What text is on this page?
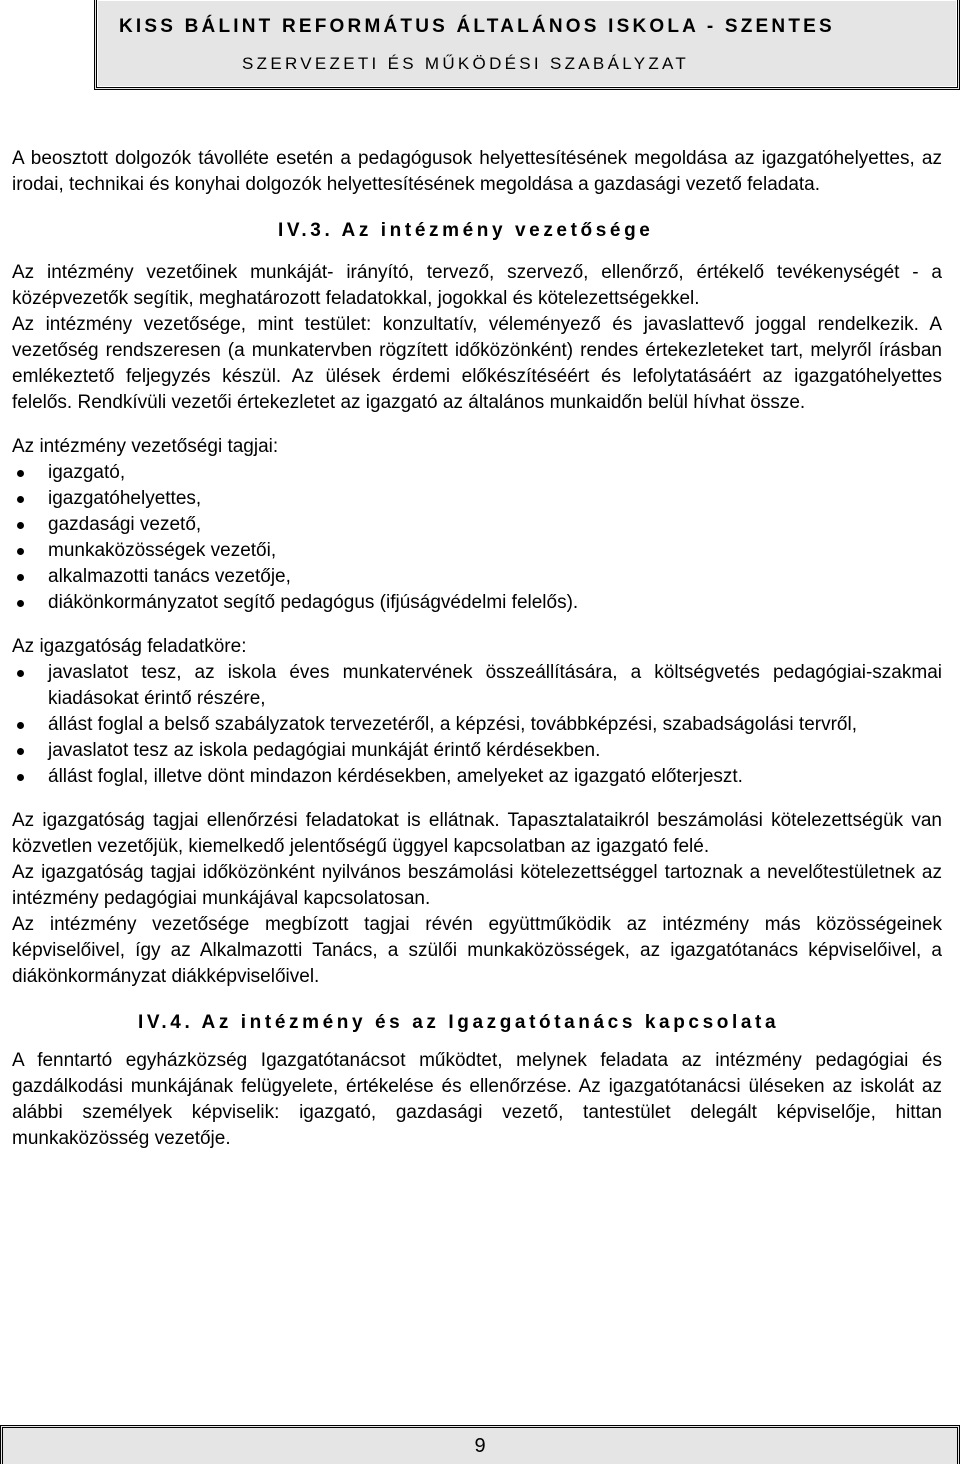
KISS BÁLINT REFORMÁTUS ÁLTALÁNOS ISKOLA - SZENTES
SZERVEZETI ÉS MŰKÖDÉSI SZABÁLYZAT

A beosztott dolgozók távolléte esetén a pedagógusok helyettesítésének megoldása az igazgatóhelyettes, az irodai, technikai és konyhai dolgozók helyettesítésének megoldása a gazdasági vezető feladata.

IV.3. Az intézmény vezetősége

Az intézmény vezetőinek munkáját- irányító, tervező, szervező, ellenőrző, értékelő tevékenységét - a középvezetők segítik, meghatározott feladatokkal, jogokkal és kötelezettségekkel.

Az intézmény vezetősége, mint testület: konzultatív, véleményező és javaslattevő joggal rendelkezik. A vezetőség rendszeresen (a munkatervben rögzített időközönként) rendes értekezleteket tart, melyről írásban emlékeztető feljegyzés készül. Az ülések érdemi előkészítéséért és lefolytatásáért az igazgatóhelyettes felelős. Rendkívüli vezetői értekezletet az igazgató az általános munkaidőn belül hívhat össze.

Az intézmény vezetőségi tagjai:

igazgató,
igazgatóhelyettes,
gazdasági vezető,
munkaközösségek vezetői,
alkalmazotti tanács vezetője,
diákönkormányzatot segítő pedagógus (ifjúságvédelmi felelős).

Az igazgatóság feladatköre:

javaslatot tesz, az iskola éves munkatervének összeállítására, a költségvetés pedagógiai-szakmai kiadásokat érintő részére,
állást foglal a belső szabályzatok tervezetéről, a képzési, továbbképzési, szabadságolási tervről,
javaslatot tesz az iskola pedagógiai munkáját érintő kérdésekben.
állást foglal, illetve dönt mindazon kérdésekben, amelyeket az igazgató előterjeszt.

Az igazgatóság tagjai ellenőrzési feladatokat is ellátnak. Tapasztalataikról beszámolási kötelezettségük van közvetlen vezetőjük, kiemelkedő jelentőségű üggyel kapcsolatban az igazgató felé.

Az igazgatóság tagjai időközönként nyilvános beszámolási kötelezettséggel tartoznak a nevelőtestületnek az intézmény pedagógiai munkájával kapcsolatosan.

Az intézmény vezetősége megbízott tagjai révén együttműködik az intézmény más közösségeinek képviselőivel, így az Alkalmazotti Tanács, a szülői munkaközösségek, az igazgatótanács képviselőivel, a diákönkormányzat diákképviselőivel.

IV.4. Az intézmény és az Igazgatótanács kapcsolata

A fenntartó egyházközség Igazgatótanácsot működtet, melynek feladata az intézmény pedagógiai és gazdálkodási munkájának felügyelete, értékelése és ellenőrzése. Az igazgatótanácsi üléseken az iskolát az alábbi személyek képviselik: igazgató, gazdasági vezető, tantestület delegált képviselője, hittan munkaközösség vezetője.

9
